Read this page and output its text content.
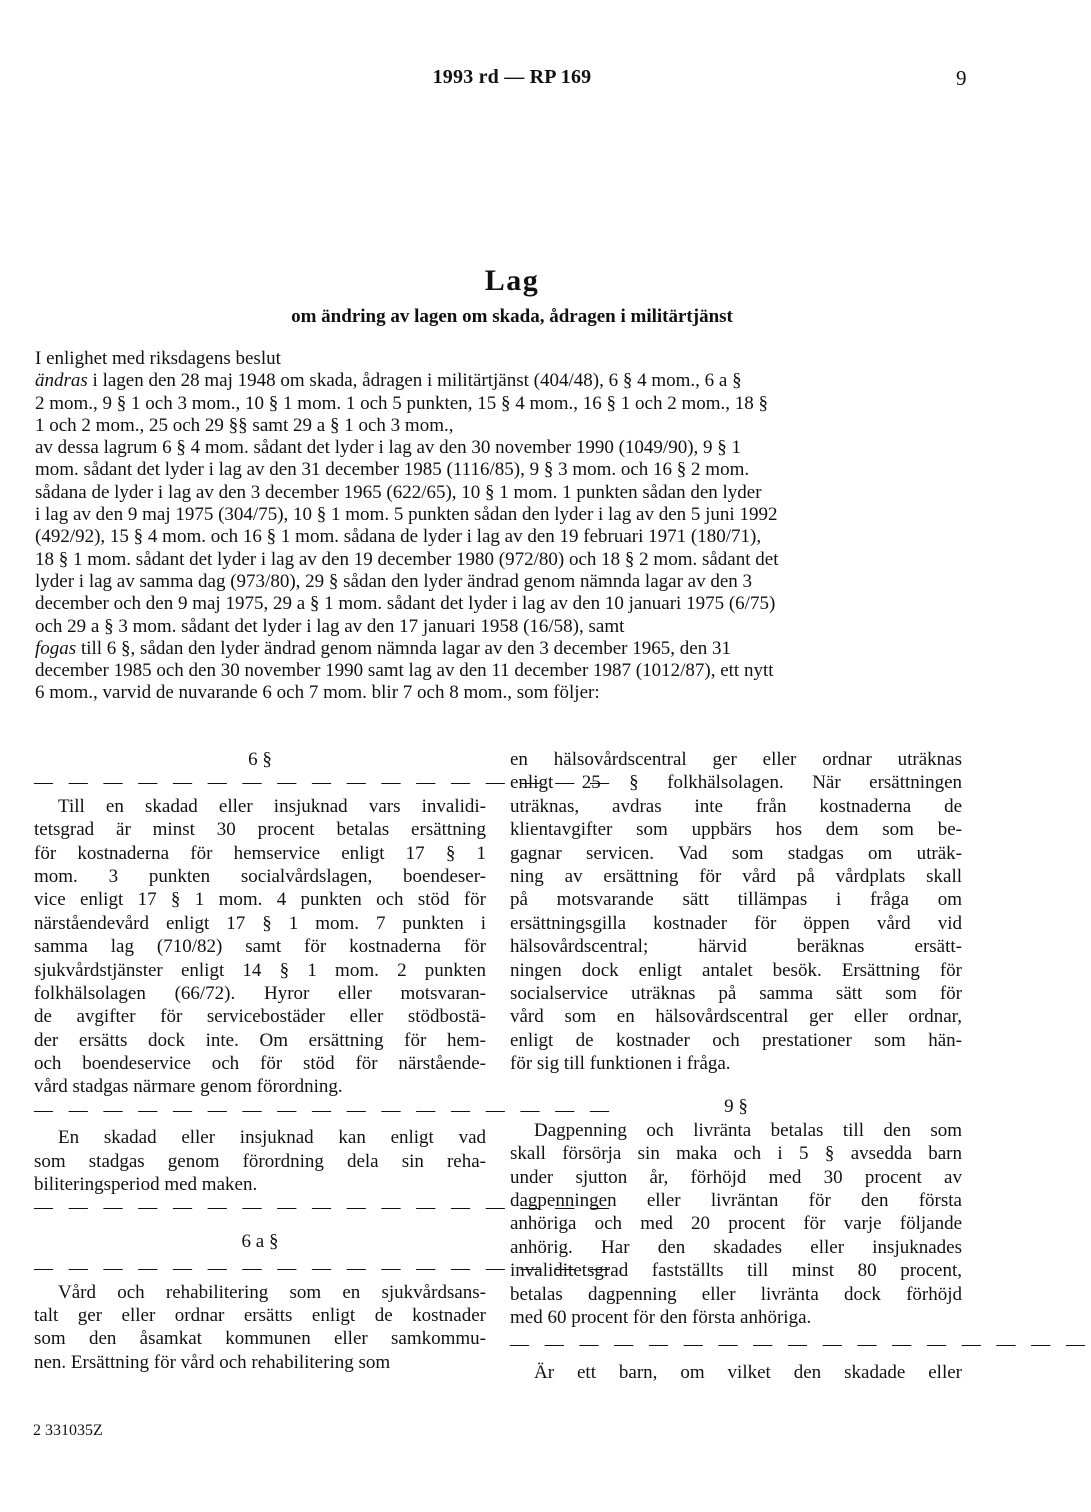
1993 rd — RP 169	9
Lag
om ändring av lagen om skada, ådragen i militärtjänst
I enlighet med riksdagens beslut
ändras i lagen den 28 maj 1948 om skada, ådragen i militärtjänst (404/48), 6 § 4 mom., 6 a §
2 mom., 9 § 1 och 3 mom., 10 § 1 mom. 1 och 5 punkten, 15 § 4 mom., 16 § 1 och 2 mom., 18 §
1 och 2 mom., 25 och 29 §§ samt 29 a § 1 och 3 mom.,
av dessa lagrum 6 § 4 mom. sådant det lyder i lag av den 30 november 1990 (1049/90), 9 § 1
mom. sådant det lyder i lag av den 31 december 1985 (1116/85), 9 § 3 mom. och 16 § 2 mom.
sådana de lyder i lag av den 3 december 1965 (622/65), 10 § 1 mom. 1 punkten sådan den lyder
i lag av den 9 maj 1975 (304/75), 10 § 1 mom. 5 punkten sådan den lyder i lag av den 5 juni 1992
(492/92), 15 § 4 mom. och 16 § 1 mom. sådana de lyder i lag av den 19 februari 1971 (180/71),
18 § 1 mom. sådant det lyder i lag av den 19 december 1980 (972/80) och 18 § 2 mom. sådant det
lyder i lag av samma dag (973/80), 29 § sådan den lyder ändrad genom nämnda lagar av den 3
december och den 9 maj 1975, 29 a § 1 mom. sådant det lyder i lag av den 10 januari 1975 (6/75)
och 29 a § 3 mom. sådant det lyder i lag av den 17 januari 1958 (16/58), samt
fogas till 6 §, sådan den lyder ändrad genom nämnda lagar av den 3 december 1965, den 31
december 1985 och den 30 november 1990 samt lag av den 11 december 1987 (1012/87), ett nytt
6 mom., varvid de nuvarande 6 och 7 mom. blir 7 och 8 mom., som följer:
6 §
— — — — — — — — — — — — — — — — —
Till en skadad eller insjuknad vars invalidi-
tetsgrad är minst 30 procent betalas ersättning
för kostnaderna för hemservice enligt 17 § 1
mom. 3 punkten socialvårdslagen, boendeser-
vice enligt 17 § 1 mom. 4 punkten och stöd för
närståendevård enligt 17 § 1 mom. 7 punkten i
samma lag (710/82) samt för kostnaderna för
sjukvårdstjänster enligt 14 § 1 mom. 2 punkten
folkhälsolagen (66/72). Hyror eller motsvaran-
de avgifter för servicebostäder eller stödbostä-
der ersätts dock inte. Om ersättning för hem-
och boendeservice och för stöd för närstående-
vård stadgas närmare genom förordning.
— — — — — — — — — — — — — — — — —
En skadad eller insjuknad kan enligt vad
som stadgas genom förordning dela sin reha-
biliteringsperiod med maken.
— — — — — — — — — — — — — — — — —
6 a §
— — — — — — — — — — — — — — — — —
Vård och rehabilitering som en sjukvårdsans-
talt ger eller ordnar ersätts enligt de kostnader
som den åsamkat kommunen eller samkommu-
nen. Ersättning för vård och rehabilitering som
en hälsovårdscentral ger eller ordnar uträknas
enligt 25 § folkhälsolagen. När ersättningen
uträknas, avdras inte från kostnaderna de
klientavgifter som uppbärs hos dem som be-
gagnar servicen. Vad som stadgas om uträk-
ning av ersättning för vård på vårdplats skall
på motsvarande sätt tillämpas i fråga om
ersättningsgilla kostnader för öppen vård vid
hälsovårdscentral; härvid beräknas ersätt-
ningen dock enligt antalet besök. Ersättning för
socialservice uträknas på samma sätt som för
vård som en hälsovårdscentral ger eller ordnar,
enligt de kostnader och prestationer som hän-
för sig till funktionen i fråga.
9 §
Dagpenning och livränta betalas till den som
skall försörja sin maka och i 5 § avsedda barn
under sjutton år, förhöjd med 30 procent av
dagpenningen eller livräntan för den första
anhöriga och med 20 procent för varje följande
anhörig. Har den skadades eller insjuknades
invaliditetsgrad fastställts till minst 80 procent,
betalas dagpenning eller livränta dock förhöjd
med 60 procent för den första anhöriga.
— — — — — — — — — — — — — — — — —
Är ett barn, om vilket den skadade eller
2 331035Z
